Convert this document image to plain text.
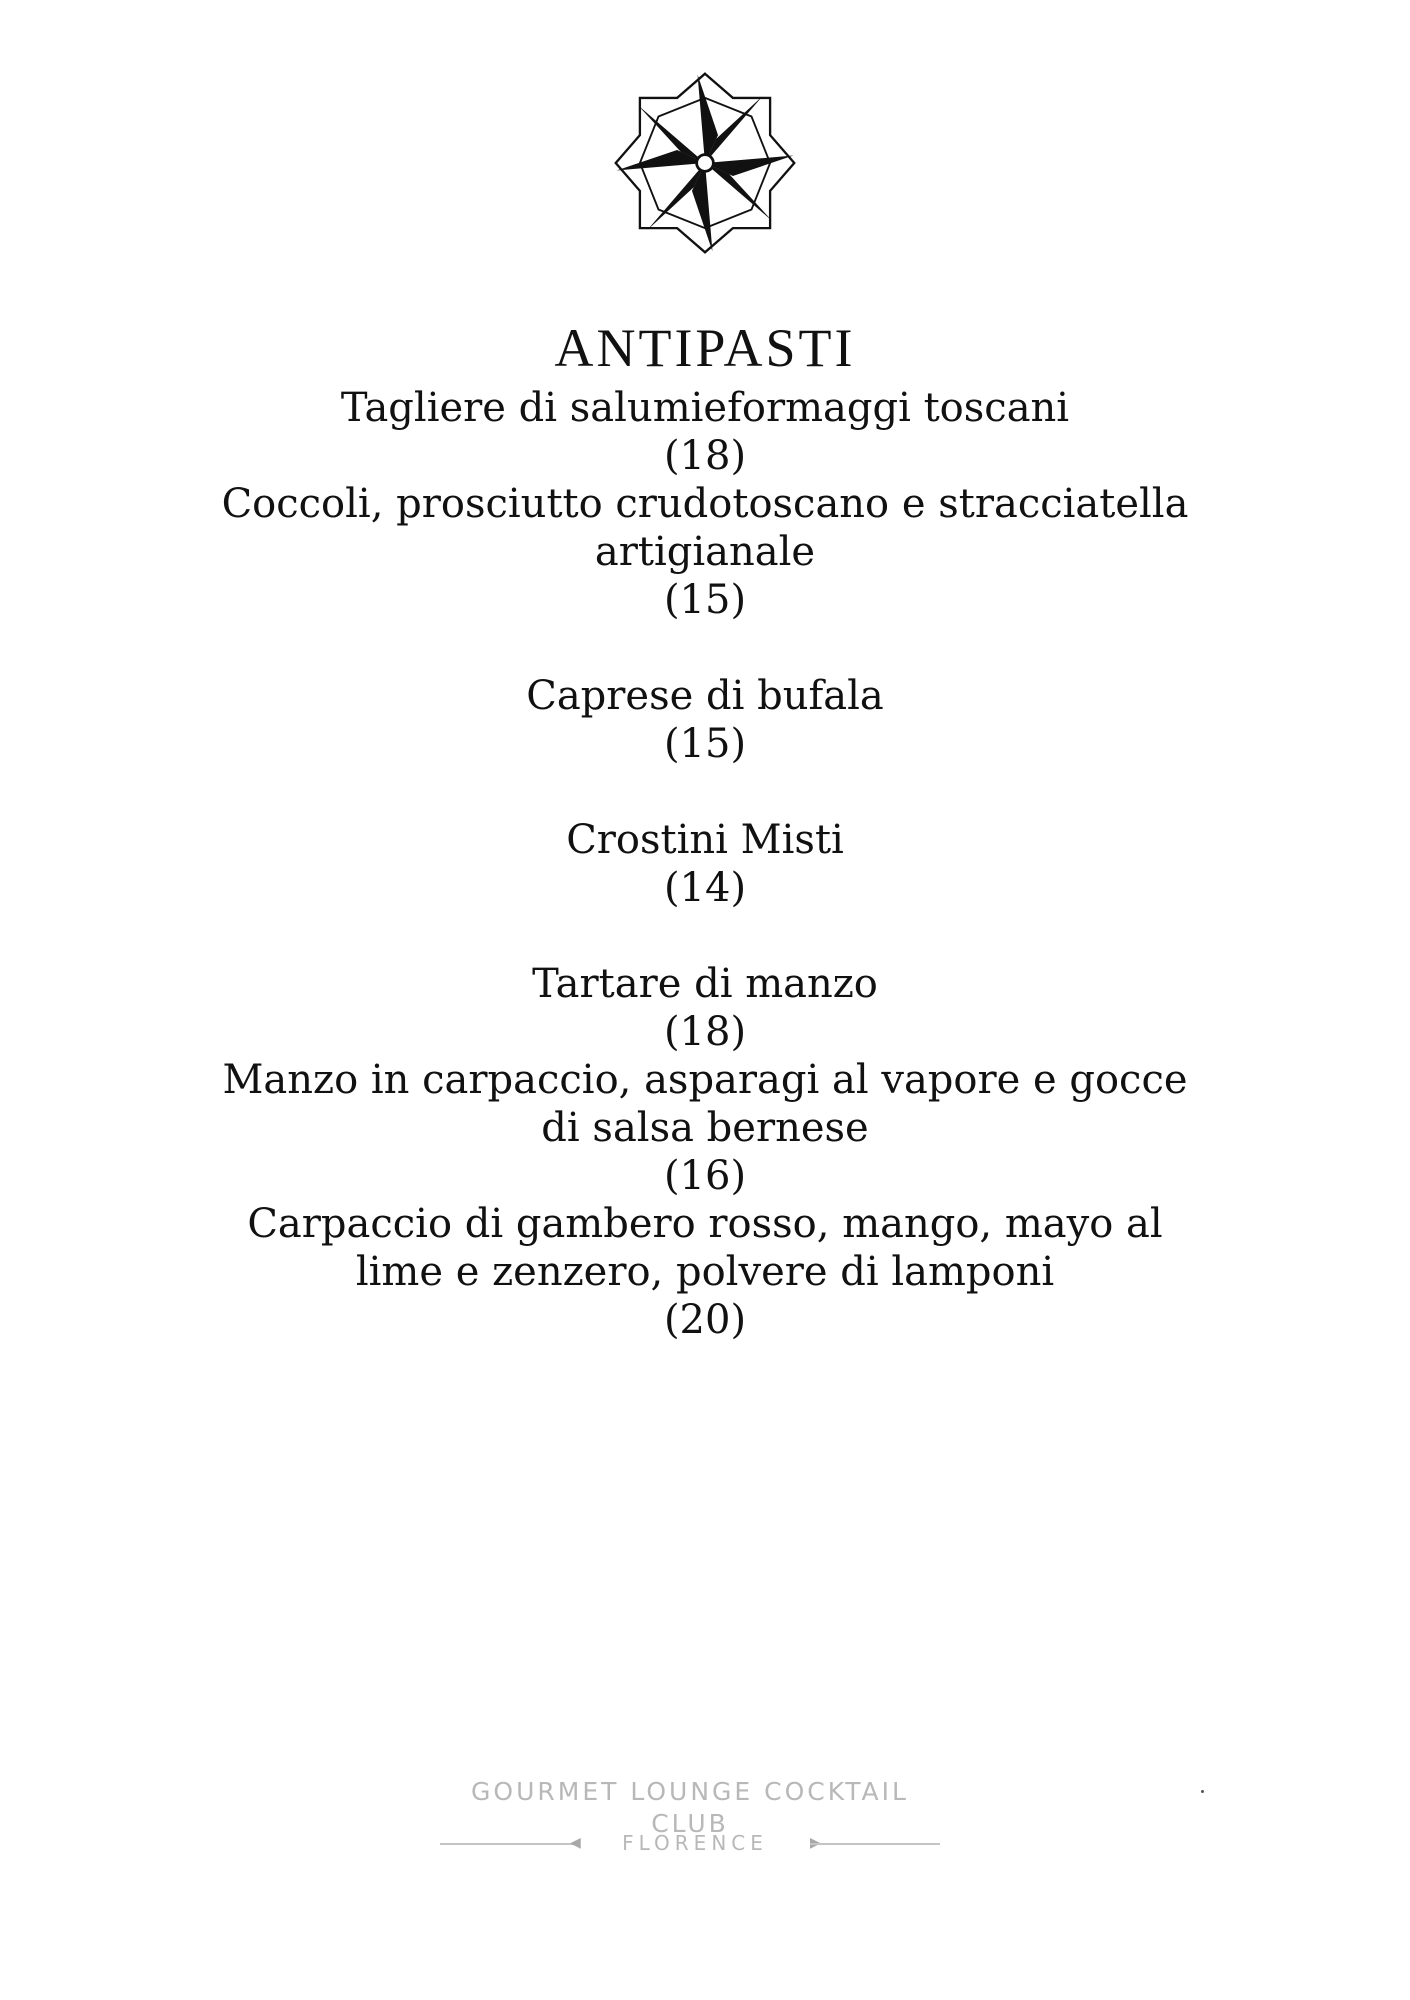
ANTIPASTI
Tagliere di salumieformaggi toscani
(18)
Coccoli, prosciutto crudotoscano e stracciatella
artigianale
(15)
Caprese di bufala
(15)
Crostini Misti
(14)
Tartare di manzo
(18)
Manzo in carpaccio, asparagi al vapore e gocce
di salsa bernese
(16)
Carpaccio di gambero rosso, mango, mayo al
lime e zenzero, polvere di lamponi
(20)
GOURMET LOUNGE COCKTAIL CLUB
◀	FLORENCE
